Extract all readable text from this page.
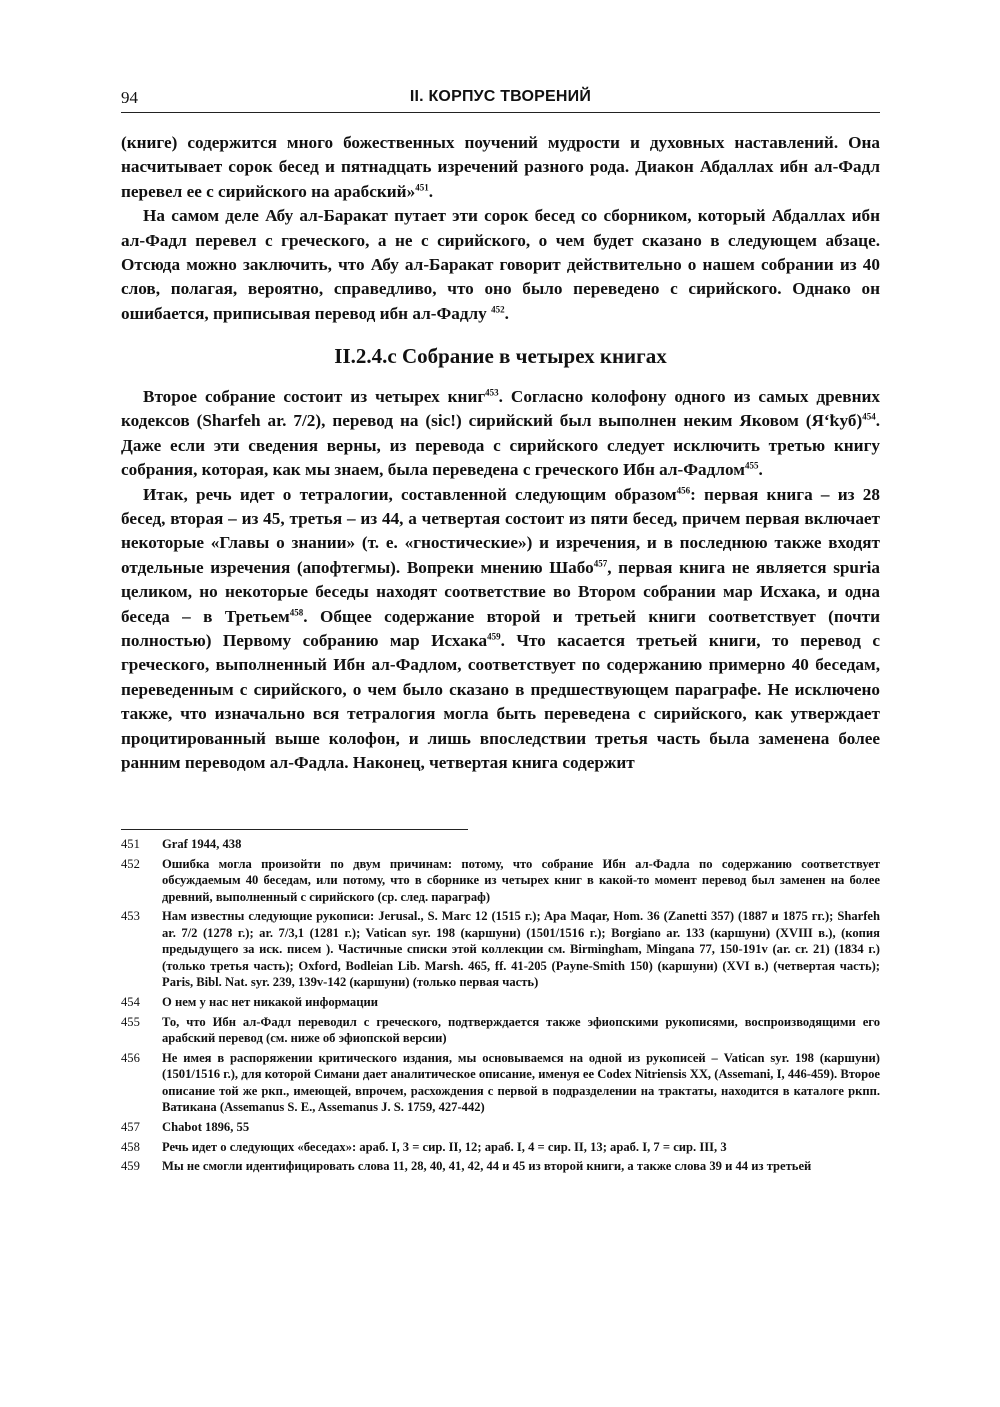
94	II. КОРПУС ТВОРЕНИЙ

(книге) содержится много божественных поучений мудрости и духовных наставлений. Она насчитывает сорок бесед и пятнадцать изречений разного рода. Диакон Абдаллах ибн ал-Фадл перевел ее с сирийского на арабский»$^{451}$.

На самом деле Абу ал-Баракат путает эти сорок бесед со сборником, который Абдаллах ибн ал-Фадл перевел с греческого, а не с сирийского, о чем будет сказано в следующем абзаце. Отсюда можно заключить, что Абу ал-Баракат говорит действительно о нашем собрании из 40 слов, полагая, вероятно, справедливо, что оно было переведено с сирийского. Однако он ошибается, приписывая перевод ибн ал-Фадлу $^{452}$.

II.2.4.c Собрание в четырех книгах

Второе собрание состоит из четырех книг$^{453}$. Согласно колофону одного из самых древних кодексов (Sharfeh ar. 7/2), перевод на (sic!) сирийский был выполнен неким Яковом (Я‘ҟуб)$^{454}$. Даже если эти сведения верны, из перевода с сирийского следует исключить третью книгу собрания, которая, как мы знаем, была переведена с греческого Ибн ал-Фадлом$^{455}$.

Итак, речь идет о тетралогии, составленной следующим образом$^{456}$: первая книга – из 28 бесед, вторая – из 45, третья – из 44, а четвертая состоит из пяти бесед, причем первая включает некоторые «Главы о знании» (т. е. «гностические») и изречения, и в последнюю также входят отдельные изречения (апофтегмы). Вопреки мнению Шабо$^{457}$, первая книга не является spuria целиком, но некоторые беседы находят соответствие во Втором собрании мар Исхака, и одна беседа – в Третьем$^{458}$. Общее содержание второй и третьей книги соответствует (почти полностью) Первому собранию мар Исхака$^{459}$. Что касается третьей книги, то перевод с греческого, выполненный Ибн ал-Фадлом, соответствует по содержанию примерно 40 беседам, переведенным с сирийского, о чем было сказано в предшествующем параграфе. Не исключено также, что изначально вся тетралогия могла быть переведена с сирийского, как утверждает процитированный выше колофон, и лишь впоследствии третья часть была заменена более ранним переводом ал-Фадла. Наконец, четвертая книга содержит

451 Graf 1944, 438
452 Ошибка могла произойти по двум причинам: потому, что собрание Ибн ал-Фадла по содержанию соответствует обсуждаемым 40 беседам, или потому, что в сборнике из четырех книг в какой-то момент перевод был заменен на более древний, выполненный с сирийского (ср. след. параграф)
453 Нам известны следующие рукописи: Jerusal., S. Marc 12 (1515 г.); Apa Maqar, Hom. 36 (Zanetti 357) (1887 и 1875 гг.); Sharfeh ar. 7/2 (1278 г.); ar. 7/3,1 (1281 г.); Vatican syr. 198 (каршуни) (1501/1516 г.); Borgiano ar. 133 (каршуни) (XVIII в.), (копия предыдущего за иск. писем ). Частичные списки этой коллекции см. Birmingham, Mingana 77, 150-191v (ar. cr. 21) (1834 г.) (только третья часть); Oxford, Bodleian Lib. Marsh. 465, ff. 41-205 (Payne-Smith 150) (каршуни) (XVI в.) (четвертая часть); Paris, Bibl. Nat. syr. 239, 139v-142 (каршуни) (только первая часть)
454 О нем у нас нет никакой информации
455 То, что Ибн ал-Фадл переводил с греческого, подтверждается также эфиопскими рукописями, воспроизводящими его арабский перевод (см. ниже об эфиопской версии)
456 Не имея в распоряжении критического издания, мы основываемся на одной из рукописей – Vatican syr. 198 (каршуни) (1501/1516 г.), для которой Симани дает аналитическое описание, именуя ее Codex Nitriensis XX, (Assemani, I, 446-459). Второе описание той же ркп., имеющей, впрочем, расхождения с первой в подразделении на трактаты, находится в каталоге ркпп. Ватикана (Assemanus S. E., Assemanus J. S. 1759, 427-442)
457 Chabot 1896, 55
458 Речь идет о следующих «беседах»: араб. I, 3 = сир. II, 12; араб. I, 4 = сир. II, 13; араб. I, 7 = сир. III, 3
459 Мы не смогли идентифицировать слова 11, 28, 40, 41, 42, 44 и 45 из второй книги, а также слова 39 и 44 из третьей
